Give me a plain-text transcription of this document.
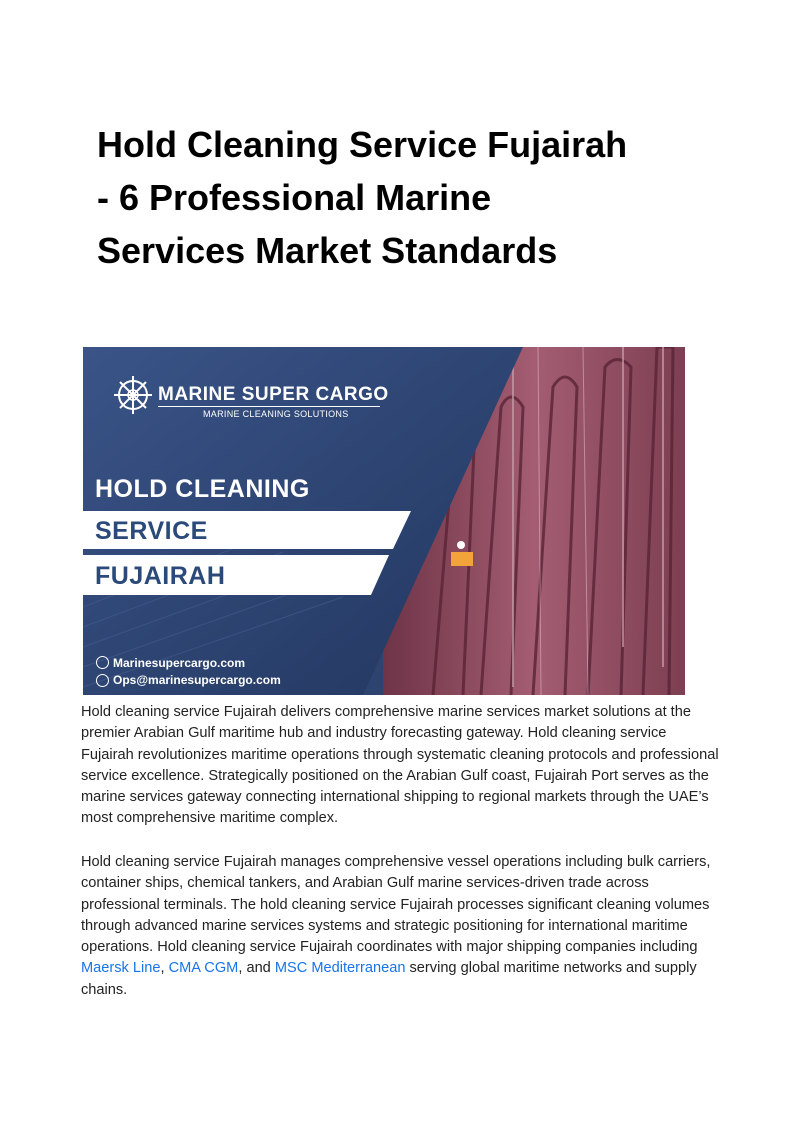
Hold Cleaning Service Fujairah
- 6 Professional Marine
Services Market Standards
MARINE SUPER CARGO
MARINE CLEANING SOLUTIONS
HOLD CLEANING
SERVICE
FUJAIRAH
Marinesupercargo.com
Ops@marinesupercargo.com

Hold cleaning service Fujairah delivers comprehensive marine services market solutions at the premier Arabian Gulf maritime hub and industry forecasting gateway. Hold cleaning service Fujairah revolutionizes maritime operations through systematic cleaning protocols and professional service excellence. Strategically positioned on the Arabian Gulf coast, Fujairah Port serves as the marine services gateway connecting international shipping to regional markets through the UAE’s most comprehensive maritime complex.

Hold cleaning service Fujairah manages comprehensive vessel operations including bulk carriers, container ships, chemical tankers, and Arabian Gulf marine services-driven trade across professional terminals. The hold cleaning service Fujairah processes significant cleaning volumes through advanced marine services systems and strategic positioning for international maritime operations. Hold cleaning service Fujairah coordinates with major shipping companies including Maersk Line, CMA CGM, and MSC Mediterranean serving global maritime networks and supply chains.
